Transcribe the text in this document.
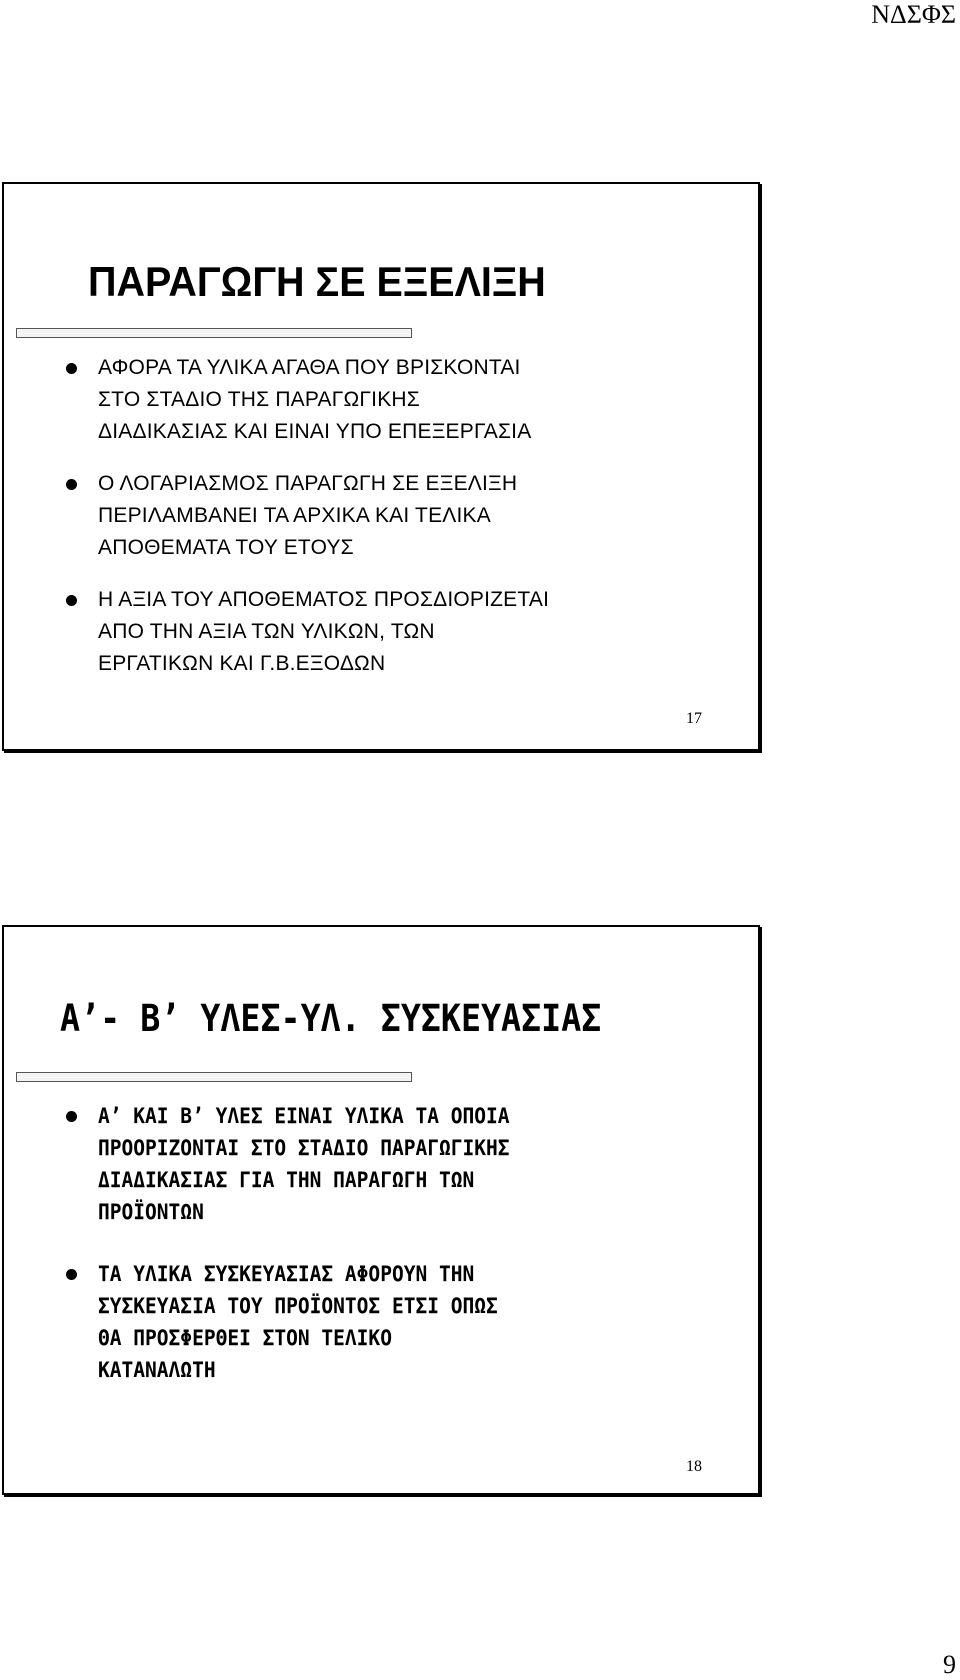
ΝΔΣΦΣ
ΠΑΡΑΓΩΓΗ ΣΕ ΕΞΕΛΙΞΗ
ΑΦΟΡΑ ΤΑ ΥΛΙΚΑ ΑΓΑΘΑ ΠΟΥ ΒΡΙΣΚΟΝΤΑΙ
ΣΤΟ ΣΤΑΔΙΟ ΤΗΣ ΠΑΡΑΓΩΓΙΚΗΣ
ΔΙΑΔΙΚΑΣΙΑΣ ΚΑΙ ΕΙΝΑΙ ΥΠΟ ΕΠΕΞΕΡΓΑΣΙΑ
Ο ΛΟΓΑΡΙΑΣΜΟΣ ΠΑΡΑΓΩΓΗ ΣΕ ΕΞΕΛΙΞΗ
ΠΕΡΙΛΑΜΒΑΝΕΙ ΤΑ ΑΡΧΙΚΑ ΚΑΙ ΤΕΛΙΚΑ
ΑΠΟΘΕΜΑΤΑ ΤΟΥ ΕΤΟΥΣ
Η ΑΞΙΑ ΤΟΥ ΑΠΟΘΕΜΑΤΟΣ ΠΡΟΣΔΙΟΡΙΖΕΤΑΙ
ΑΠΟ ΤΗΝ ΑΞΙΑ ΤΩΝ ΥΛΙΚΩΝ, ΤΩΝ
ΕΡΓΑΤΙΚΩΝ ΚΑΙ Γ.Β.ΕΞΟΔΩΝ
17
Α’- Β’ ΥΛΕΣ-ΥΛ. ΣΥΣΚΕΥΑΣΙΑΣ
Α’ ΚΑΙ Β’ ΥΛΕΣ ΕΙΝΑΙ ΥΛΙΚΑ ΤΑ ΟΠΟΙΑ
ΠΡΟΟΡΙΖΟΝΤΑΙ ΣΤΟ ΣΤΑΔΙΟ ΠΑΡΑΓΩΓΙΚΗΣ
ΔΙΑΔΙΚΑΣΙΑΣ ΓΙΑ ΤΗΝ ΠΑΡΑΓΩΓΗ ΤΩΝ
ΠΡΟΪΟΝΤΩΝ
ΤΑ ΥΛΙΚΑ ΣΥΣΚΕΥΑΣΙΑΣ ΑΦΟΡΟΥΝ ΤΗΝ
ΣΥΣΚΕΥΑΣΙΑ ΤΟΥ ΠΡΟΪΟΝΤΟΣ ΕΤΣΙ ΟΠΩΣ
ΘΑ ΠΡΟΣΦΕΡΘΕΙ ΣΤΟΝ ΤΕΛΙΚΟ
ΚΑΤΑΝΑΛΩΤΗ
18
9
